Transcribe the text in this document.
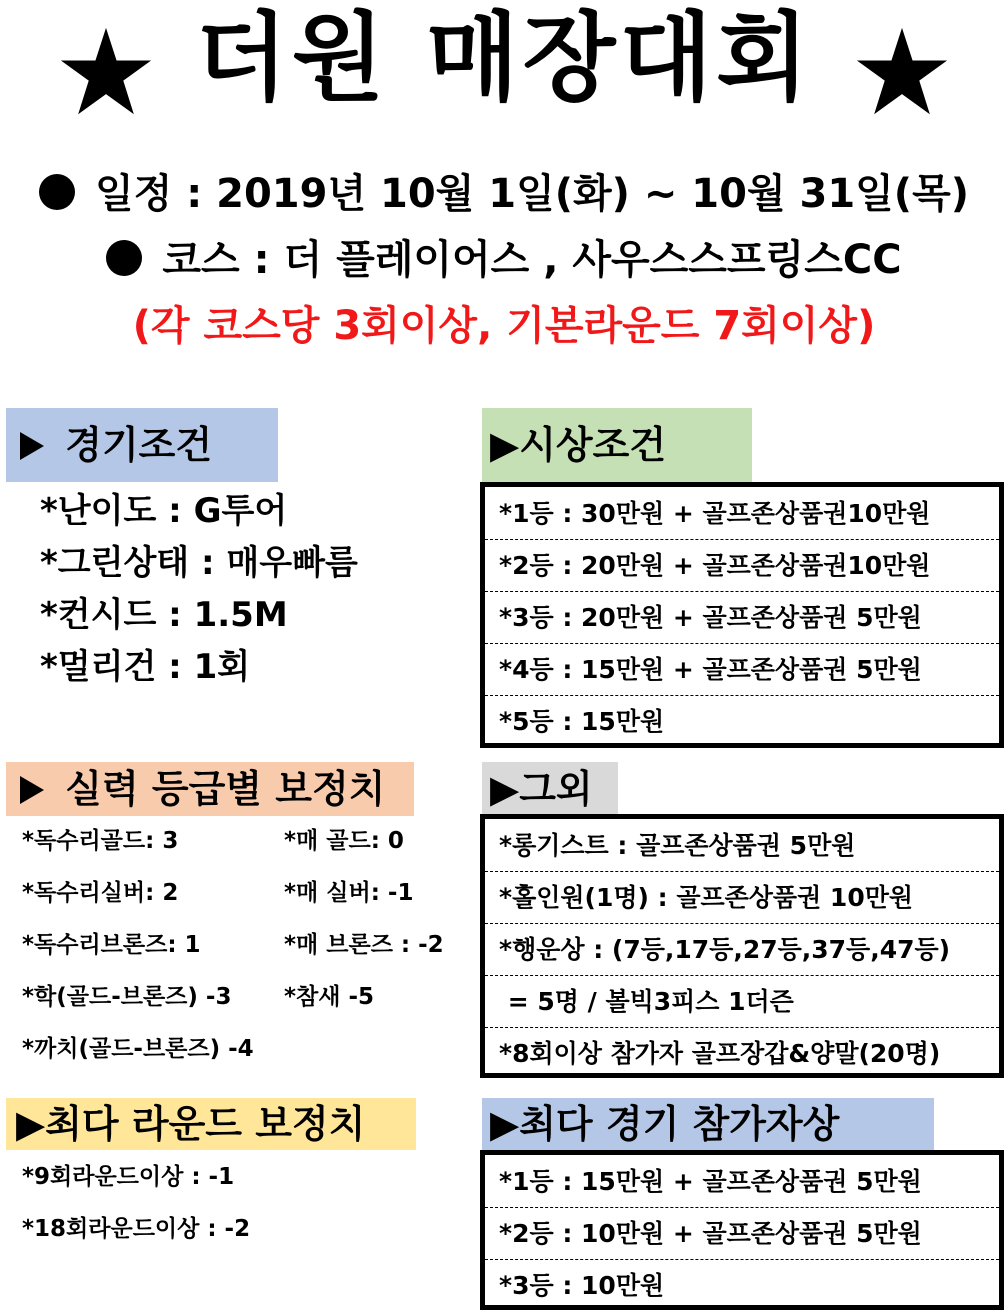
더원 매장대회
일정 : 2019년 10월 1일(화) ~ 10월 31일(목)
코스 : 더 플레이어스 , 사우스스프링스CC
(각 코스당 3회이상, 기본라운드 7회이상)
경기조건
*난이도 : G투어
*그린상태 : 매우빠름
*컨시드 : 1.5M
*멀리건 : 1회
▶시상조건
*1등 : 30만원 + 골프존상품권10만원
*2등 : 20만원 + 골프존상품권10만원
*3등 : 20만원 + 골프존상품권 5만원
*4등 : 15만원 + 골프존상품권 5만원
*5등 : 15만원
실력 등급별 보정치
*독수리골드: 3	*매 골드: 0
*독수리실버: 2	*매 실버: -1
*독수리브론즈: 1	*매 브론즈 : -2
*학(골드-브론즈) -3 *참새 -5
*까치(골드-브론즈) -4
▶그외
*롱기스트 : 골프존상품권 5만원
*홀인원(1명) : 골프존상품권 10만원
*행운상 : (7등,17등,27등,37등,47등)
= 5명 / 볼빅3피스 1더즌
*8회이상 참가자 골프장갑&양말(20명)
▶최다 라운드 보정치
*9회라운드이상 : -1
*18회라운드이상 : -2
▶최다 경기 참가자상
*1등 : 15만원 + 골프존상품권 5만원
*2등 : 10만원 + 골프존상품권 5만원
*3등 : 10만원
